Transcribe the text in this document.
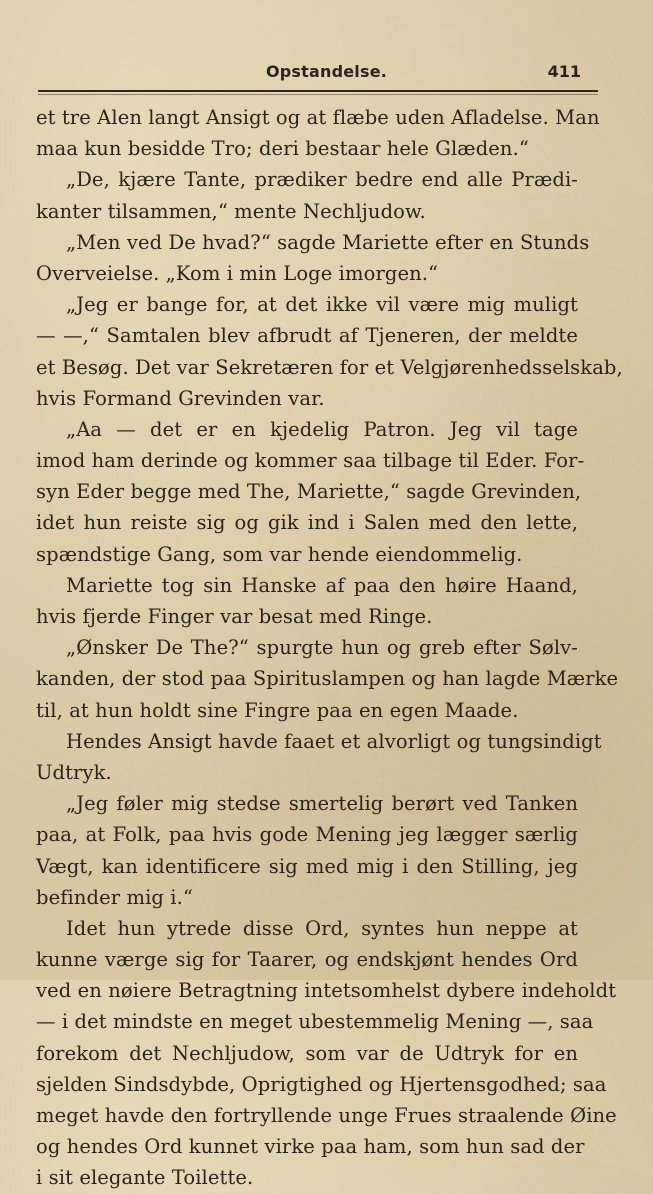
Opstandelse.	411
et tre Alen langt Ansigt og at flæbe uden Afladelse. Man
maa kun besidde Tro; deri bestaar hele Glæden.“
„De, kjære Tante, prædiker bedre end alle Prædi-
kanter tilsammen,“ mente Nechljudow.
„Men ved De hvad?“ sagde Mariette efter en Stunds
Overveielse. „Kom i min Loge imorgen.“
„Jeg er bange for, at det ikke vil være mig muligt
— —,“ Samtalen blev afbrudt af Tjeneren, der meldte
et Besøg. Det var Sekretæren for et Velgjørenhedsselskab,
hvis Formand Grevinden var.
„Aa — det er en kjedelig Patron. Jeg vil tage
imod ham derinde og kommer saa tilbage til Eder. For-
syn Eder begge med The, Mariette,“ sagde Grevinden,
idet hun reiste sig og gik ind i Salen med den lette,
spændstige Gang, som var hende eiendommelig.
Mariette tog sin Hanske af paa den høire Haand,
hvis fjerde Finger var besat med Ringe.
„Ønsker De The?“ spurgte hun og greb efter Sølv-
kanden, der stod paa Spirituslampen og han lagde Mærke
til, at hun holdt sine Fingre paa en egen Maade.
Hendes Ansigt havde faaet et alvorligt og tungsindigt
Udtryk.
„Jeg føler mig stedse smertelig berørt ved Tanken
paa, at Folk, paa hvis gode Mening jeg lægger særlig
Vægt, kan identificere sig med mig i den Stilling, jeg
befinder mig i.“
Idet hun ytrede disse Ord, syntes hun neppe at
kunne værge sig for Taarer, og endskjønt hendes Ord
ved en nøiere Betragtning intetsomhelst dybere indeholdt
— i det mindste en meget ubestemmelig Mening —, saa
forekom det Nechljudow, som var de Udtryk for en
sjelden Sindsdybde, Oprigtighed og Hjertensgodhed; saa
meget havde den fortryllende unge Frues straalende Øine
og hendes Ord kunnet virke paa ham, som hun sad der
i sit elegante Toilette.
